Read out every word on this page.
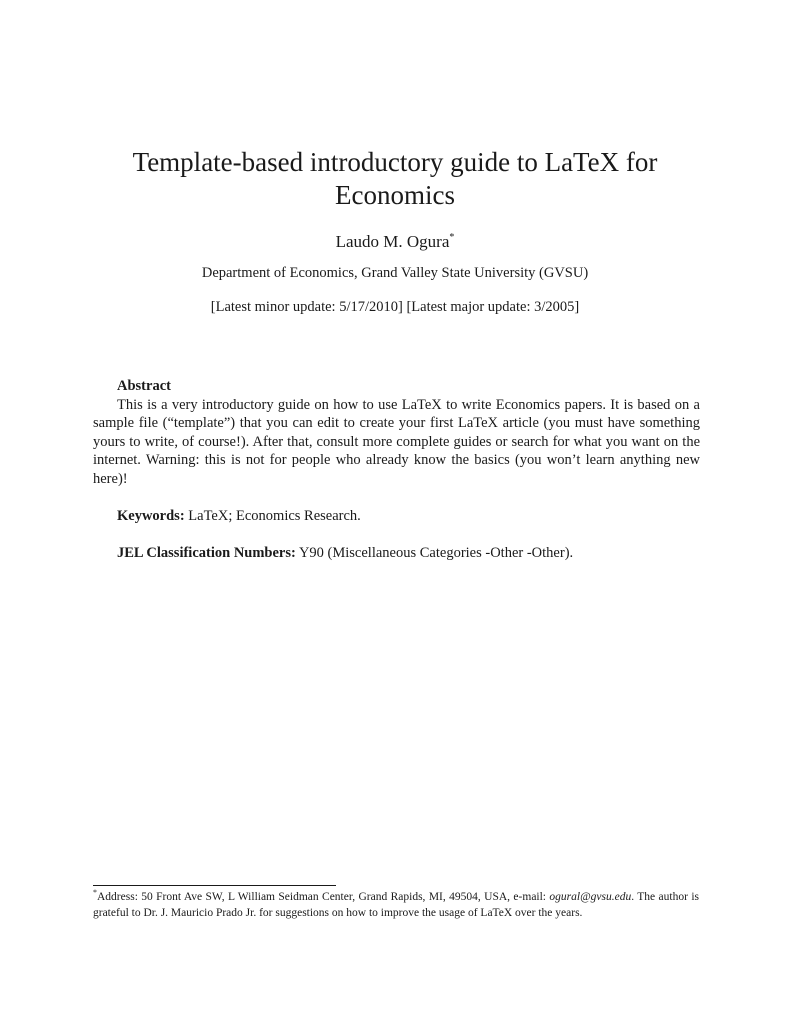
Template-based introductory guide to LaTeX for Economics
Laudo M. Ogura*
Department of Economics, Grand Valley State University (GVSU)
[Latest minor update: 5/17/2010] [Latest major update: 3/2005]
Abstract

This is a very introductory guide on how to use LaTeX to write Economics papers. It is based on a sample file (“template”) that you can edit to create your first LaTeX article (you must have something yours to write, of course!). After that, consult more complete guides or search for what you want on the internet. Warning: this is not for people who already know the basics (you won’t learn anything new here)!

Keywords: LaTeX; Economics Research.
JEL Classification Numbers: Y90 (Miscellaneous Categories -Other -Other).
*Address: 50 Front Ave SW, L William Seidman Center, Grand Rapids, MI, 49504, USA, e-mail: ogural@gvsu.edu. The author is grateful to Dr. J. Mauricio Prado Jr. for suggestions on how to improve the usage of LaTeX over the years.
